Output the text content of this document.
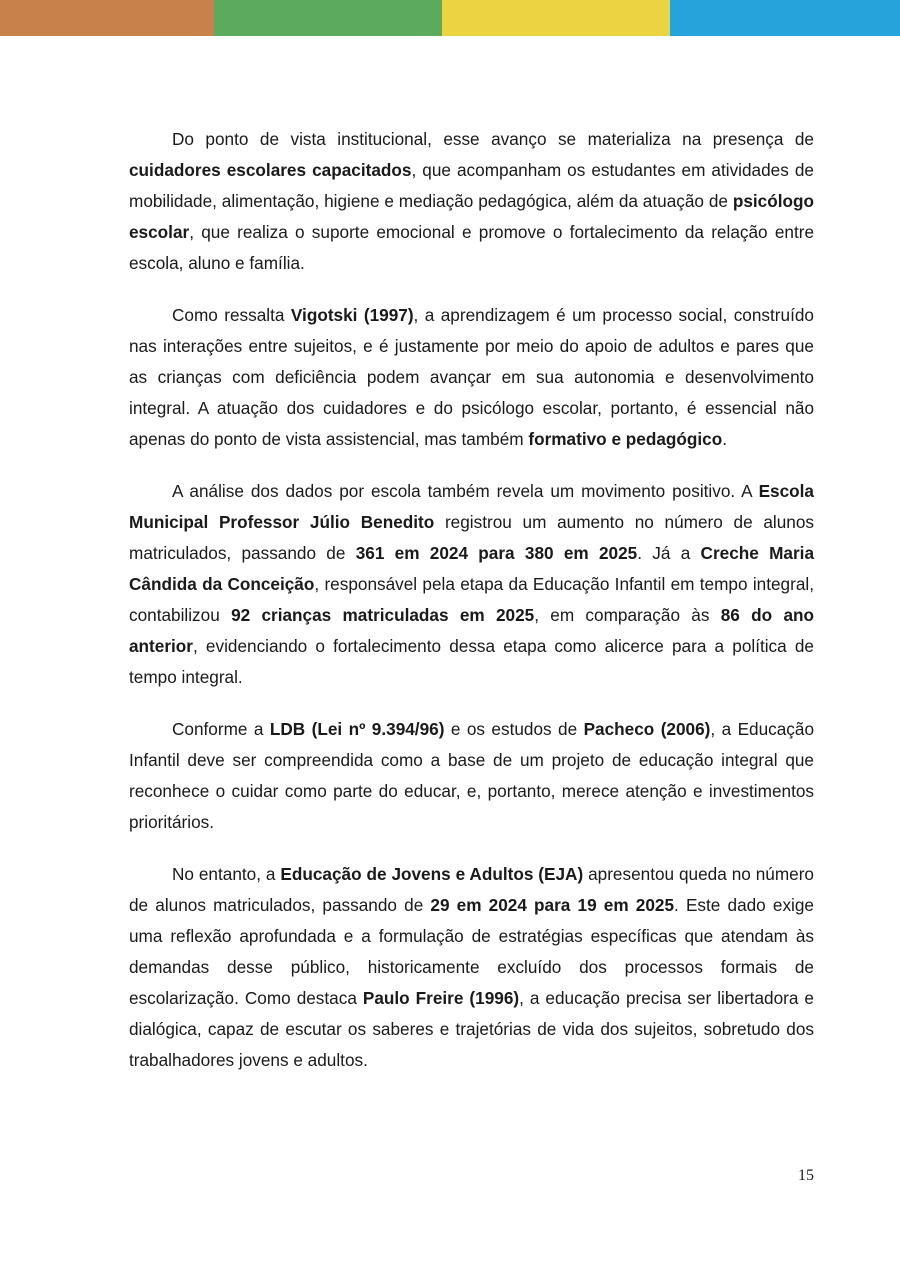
Do ponto de vista institucional, esse avanço se materializa na presença de cuidadores escolares capacitados, que acompanham os estudantes em atividades de mobilidade, alimentação, higiene e mediação pedagógica, além da atuação de psicólogo escolar, que realiza o suporte emocional e promove o fortalecimento da relação entre escola, aluno e família.

Como ressalta Vigotski (1997), a aprendizagem é um processo social, construído nas interações entre sujeitos, e é justamente por meio do apoio de adultos e pares que as crianças com deficiência podem avançar em sua autonomia e desenvolvimento integral. A atuação dos cuidadores e do psicólogo escolar, portanto, é essencial não apenas do ponto de vista assistencial, mas também formativo e pedagógico.

A análise dos dados por escola também revela um movimento positivo. A Escola Municipal Professor Júlio Benedito registrou um aumento no número de alunos matriculados, passando de 361 em 2024 para 380 em 2025. Já a Creche Maria Cândida da Conceição, responsável pela etapa da Educação Infantil em tempo integral, contabilizou 92 crianças matriculadas em 2025, em comparação às 86 do ano anterior, evidenciando o fortalecimento dessa etapa como alicerce para a política de tempo integral.

Conforme a LDB (Lei nº 9.394/96) e os estudos de Pacheco (2006), a Educação Infantil deve ser compreendida como a base de um projeto de educação integral que reconhece o cuidar como parte do educar, e, portanto, merece atenção e investimentos prioritários.

No entanto, a Educação de Jovens e Adultos (EJA) apresentou queda no número de alunos matriculados, passando de 29 em 2024 para 19 em 2025. Este dado exige uma reflexão aprofundada e a formulação de estratégias específicas que atendam às demandas desse público, historicamente excluído dos processos formais de escolarização. Como destaca Paulo Freire (1996), a educação precisa ser libertadora e dialógica, capaz de escutar os saberes e trajetórias de vida dos sujeitos, sobretudo dos trabalhadores jovens e adultos.

15
